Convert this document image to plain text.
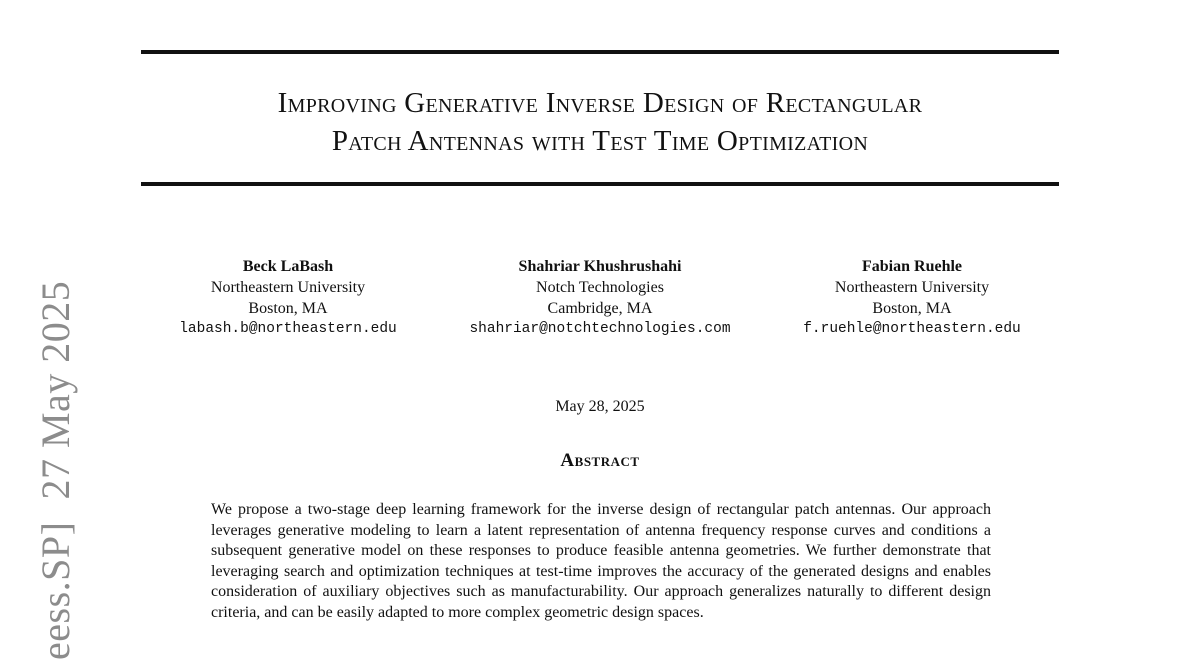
Improving Generative Inverse Design of Rectangular
Patch Antennas with Test Time Optimization
Beck LaBash
Northeastern University
Boston, MA
labash.b@northeastern.edu
Shahriar Khushrushahi
Notch Technologies
Cambridge, MA
shahriar@notchtechnologies.com
Fabian Ruehle
Northeastern University
Boston, MA
f.ruehle@northeastern.edu
May 28, 2025
Abstract

We propose a two-stage deep learning framework for the inverse design of rectangular patch antennas. Our approach leverages generative modeling to learn a latent representation of antenna frequency response curves and conditions a subsequent generative model on these responses to produce feasible antenna geometries. We further demonstrate that leveraging search and optimization techniques at test-time improves the accuracy of the generated designs and enables consideration of auxiliary objectives such as manufacturability. Our approach generalizes naturally to different design criteria, and can be easily adapted to more complex geometric design spaces.

eess.SP]27 May 2025
